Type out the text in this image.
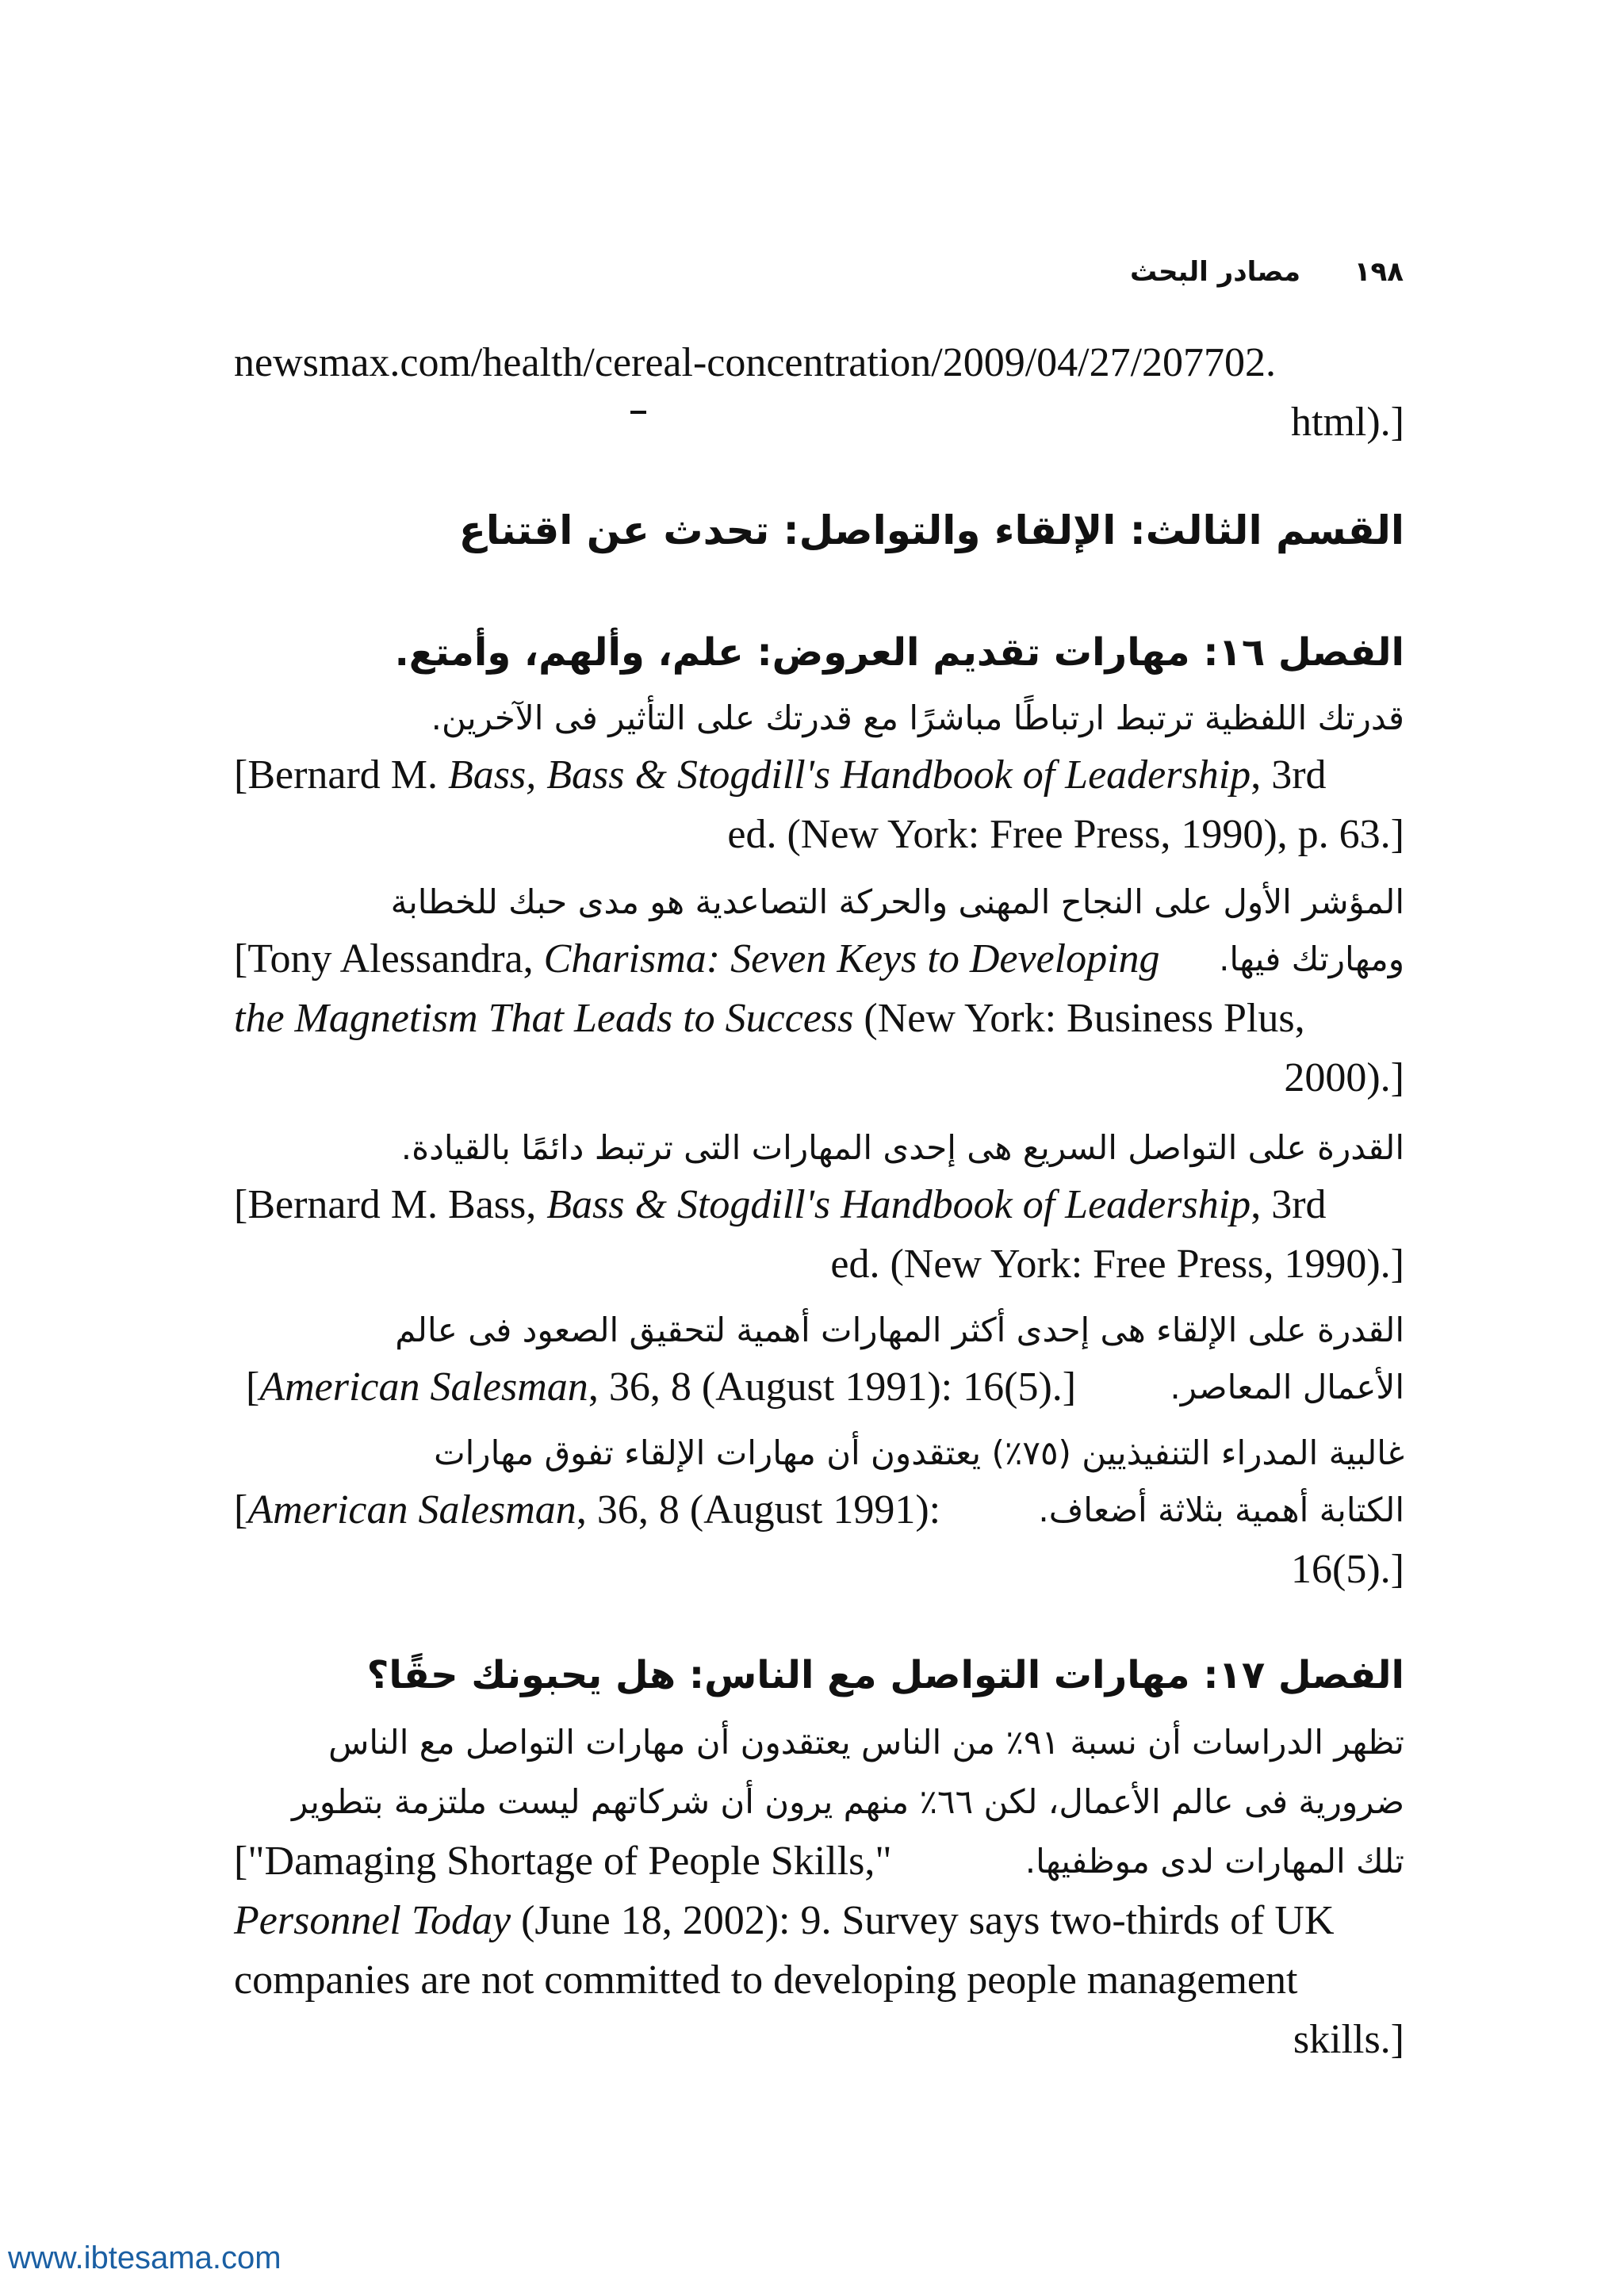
١٩٨
مصادر البحث
newsmax.com/health/cereal-concentration/2009/04/27/207702.
html).]
القسم الثالث: الإلقاء والتواصل: تحدث عن اقتناع
الفصل ١٦: مهارات تقديم العروض: علم، وألهم، وأمتع.
قدرتك اللفظية ترتبط ارتباطًا مباشرًا مع قدرتك على التأثير فى الآخرين.
[Bernard M. Bass, Bass & Stogdill's Handbook of Leadership, 3rd
ed. (New York: Free Press, 1990), p. 63.]
المؤشر الأول على النجاح المهنى والحركة التصاعدية هو مدى حبك للخطابة
[Tony Alessandra, Charisma: Seven Keys to Developing ومهارتك فيها.
the Magnetism That Leads to Success (New York: Business Plus,
2000).]
القدرة على التواصل السريع هى إحدى المهارات التى ترتبط دائمًا بالقيادة.
[Bernard M. Bass, Bass & Stogdill's Handbook of Leadership, 3rd
ed. (New York: Free Press, 1990).]
القدرة على الإلقاء هى إحدى أكثر المهارات أهمية لتحقيق الصعود فى عالم
[American Salesman, 36, 8 (August 1991): 16(5).]	الأعمال المعاصر.
غالبية المدراء التنفيذيين (٧٥٪) يعتقدون أن مهارات الإلقاء تفوق مهارات
[American Salesman, 36, 8 (August 1991):	الكتابة أهمية بثلاثة أضعاف.
16(5).]
الفصل ١٧: مهارات التواصل مع الناس: هل يحبونك حقًا؟
تظهر الدراسات أن نسبة ٩١٪ من الناس يعتقدون أن مهارات التواصل مع الناس
ضرورية فى عالم الأعمال، لكن ٦٦٪ منهم يرون أن شركاتهم ليست ملتزمة بتطوير
["Damaging Shortage of People Skills,"	تلك المهارات لدى موظفيها.
Personnel Today (June 18, 2002): 9. Survey says two-thirds of UK
companies are not committed to developing people management
skills.]
www.ibtesama.com
